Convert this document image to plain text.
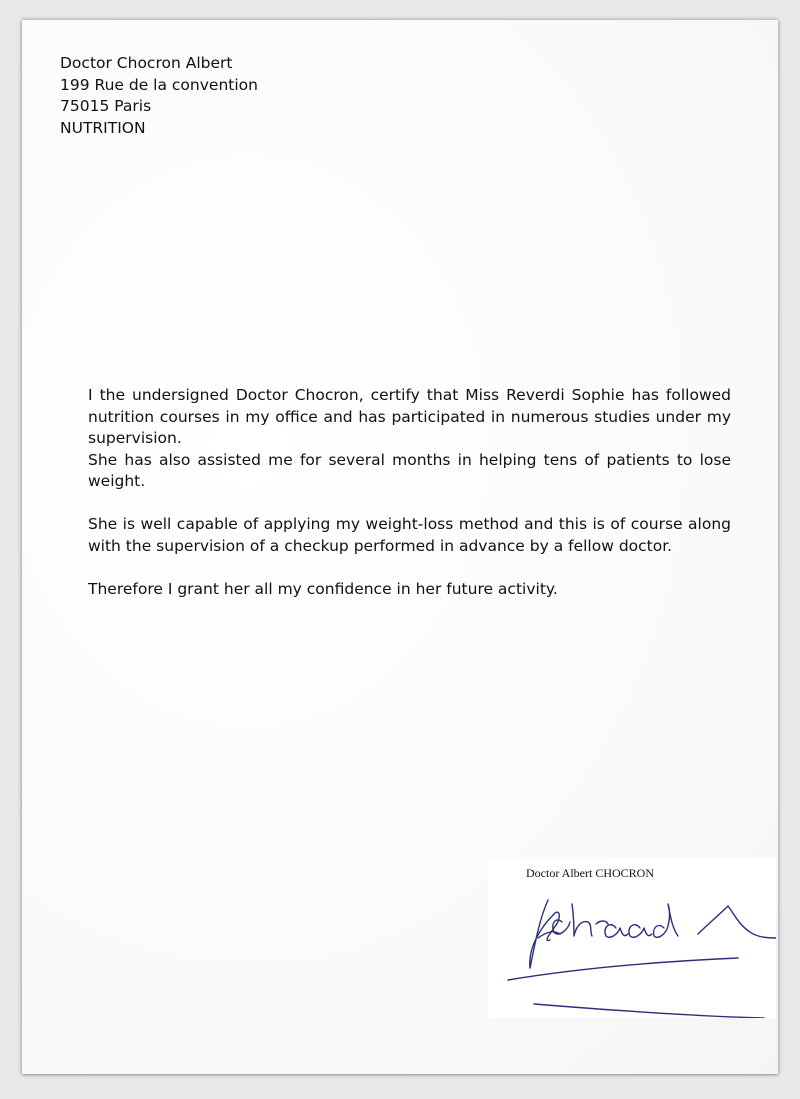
Doctor Chocron Albert
199 Rue de la convention
75015 Paris
NUTRITION

I the undersigned Doctor Chocron, certify that Miss Reverdi Sophie has followed nutrition courses in my office and has participated in numerous studies under my supervision.

She has also assisted me for several months in helping tens of patients to lose weight.

She is well capable of applying my weight-loss method and this is of course along with the supervision of a checkup performed in advance by a fellow doctor.

Therefore I grant her all my confidence in her future activity.

Doctor Albert CHOCRON
